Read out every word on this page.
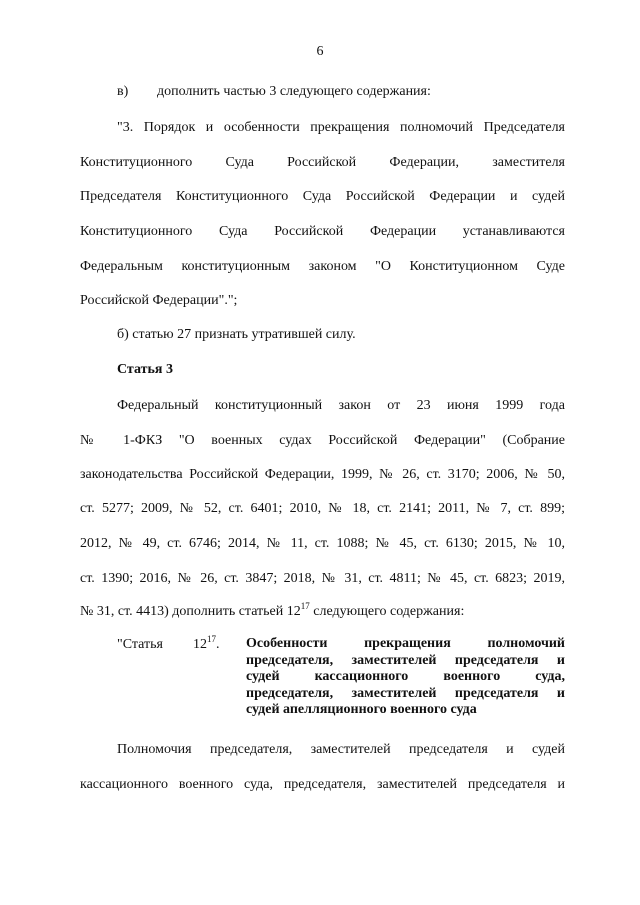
6
в) дополнить частью 3 следующего содержания:
"3. Порядок и особенности прекращения полномочий Председателя
Конституционного Суда Российской Федерации, заместителя
Председателя Конституционного Суда Российской Федерации и судей
Конституционного Суда Российской Федерации устанавливаются
Федеральным конституционным законом "О Конституционном Суде
Российской Федерации".";
б) статью 27 признать утратившей силу.
Статья 3
Федеральный конституционный закон от 23 июня 1999 года
№ 1-ФКЗ "О военных судах Российской Федерации" (Собрание
законодательства Российской Федерации, 1999, № 26, ст. 3170; 2006, № 50,
ст. 5277; 2009, № 52, ст. 6401; 2010, № 18, ст. 2141; 2011, № 7, ст. 899;
2012, № 49, ст. 6746; 2014, № 11, ст. 1088; № 45, ст. 6130; 2015, № 10,
ст. 1390; 2016, № 26, ст. 3847; 2018, № 31, ст. 4811; № 45, ст. 6823; 2019,
№ 31, ст. 4413) дополнить статьей $12^{17}$ следующего содержания:
"Статья $12^{17}$. Особенности прекращения полномочий
председателя, заместителей председателя и
судей кассационного военного суда,
председателя, заместителей председателя и
судей апелляционного военного суда
Полномочия председателя, заместителей председателя и судей
кассационного военного суда, председателя, заместителей председателя и
